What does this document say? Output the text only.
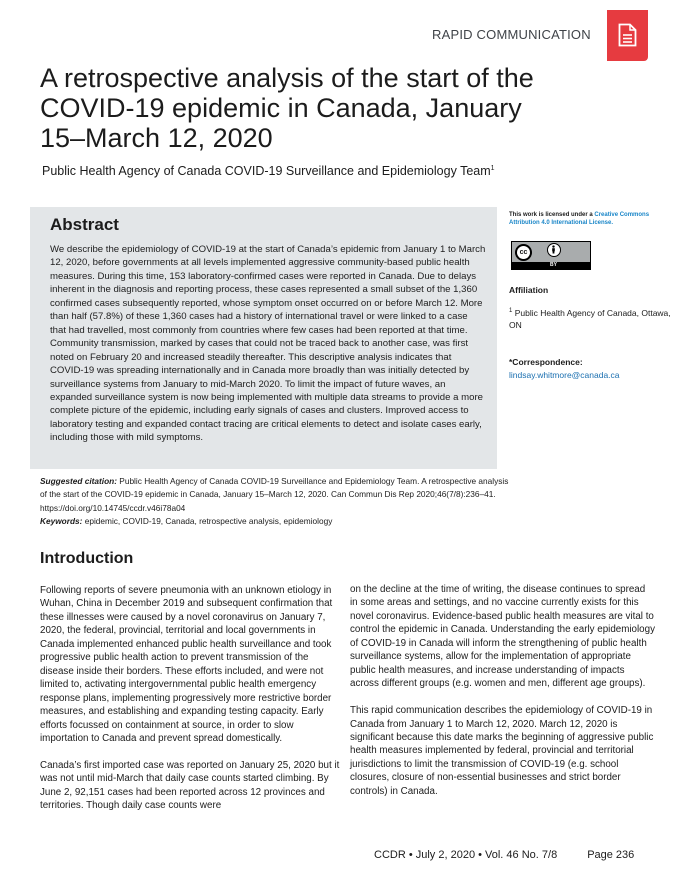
RAPID COMMUNICATION
A retrospective analysis of the start of the COVID-19 epidemic in Canada, January 15–March 12, 2020
Public Health Agency of Canada COVID-19 Surveillance and Epidemiology Team$^1$
Abstract
We describe the epidemiology of COVID-19 at the start of Canada’s epidemic from January 1 to March 12, 2020, before governments at all levels implemented aggressive community-based public health measures. During this time, 153 laboratory-confirmed cases were reported in Canada. Due to delays inherent in the diagnosis and reporting process, these cases represented a small subset of the 1,360 confirmed cases subsequently reported, whose symptom onset occurred on or before March 12. More than half (57.8%) of these 1,360 cases had a history of international travel or were linked to a case that had travelled, most commonly from countries where few cases had been reported at that time. Community transmission, marked by cases that could not be traced back to another case, was first noted on February 20 and increased steadily thereafter. This descriptive analysis indicates that COVID-19 was spreading internationally and in Canada more broadly than was initially detected by surveillance systems from January to mid-March 2020. To limit the impact of future waves, an expanded surveillance system is now being implemented with multiple data streams to provide a more complete picture of the epidemic, including early signals of cases and clusters. Improved access to laboratory testing and expanded contact tracing are critical elements to detect and isolate cases early, including those with mild symptoms.
This work is licensed under a Creative Commons Attribution 4.0 International License.
cc
BY
Affiliation
$^1$ Public Health Agency of Canada, Ottawa, ON
*Correspondence:
lindsay.whitmore@canada.ca
Suggested citation: Public Health Agency of Canada COVID-19 Surveillance and Epidemiology Team. A retrospective analysis of the start of the COVID-19 epidemic in Canada, January 15–March 12, 2020. Can Commun Dis Rep 2020;46(7/8):236–41. https://doi.org/10.14745/ccdr.v46i78a04
Keywords: epidemic, COVID-19, Canada, retrospective analysis, epidemiology
Introduction

Following reports of severe pneumonia with an unknown etiology in Wuhan, China in December 2019 and subsequent confirmation that these illnesses were caused by a novel coronavirus on January 7, 2020, the federal, provincial, territorial and local governments in Canada implemented enhanced public health surveillance and took progressive public health action to prevent transmission of the disease inside their borders. These efforts included, and were not limited to, activating intergovernmental public health emergency response plans, implementing progressively more restrictive border measures, and establishing and expanding testing capacity. Early efforts focussed on containment at source, in order to slow importation to Canada and prevent spread domestically.

Canada’s first imported case was reported on January 25, 2020 but it was not until mid-March that daily case counts started climbing. By June 2, 92,151 cases had been reported across 12 provinces and territories. Though daily case counts were

on the decline at the time of writing, the disease continues to spread in some areas and settings, and no vaccine currently exists for this novel coronavirus. Evidence-based public health measures are vital to control the epidemic in Canada. Understanding the early epidemiology of COVID-19 in Canada will inform the strengthening of public health surveillance systems, allow for the implementation of appropriate public health measures, and increase understanding of impacts across different groups (e.g. women and men, different age groups).

This rapid communication describes the epidemiology of COVID-19 in Canada from January 1 to March 12, 2020. March 12, 2020 is significant because this date marks the beginning of aggressive public health measures implemented by federal, provincial and territorial jurisdictions to limit the transmission of COVID-19 (e.g. school closures, closure of non-essential businesses and strict border controls) in Canada.

CCDR • July 2, 2020 • Vol. 46 No. 7/8	Page 236
